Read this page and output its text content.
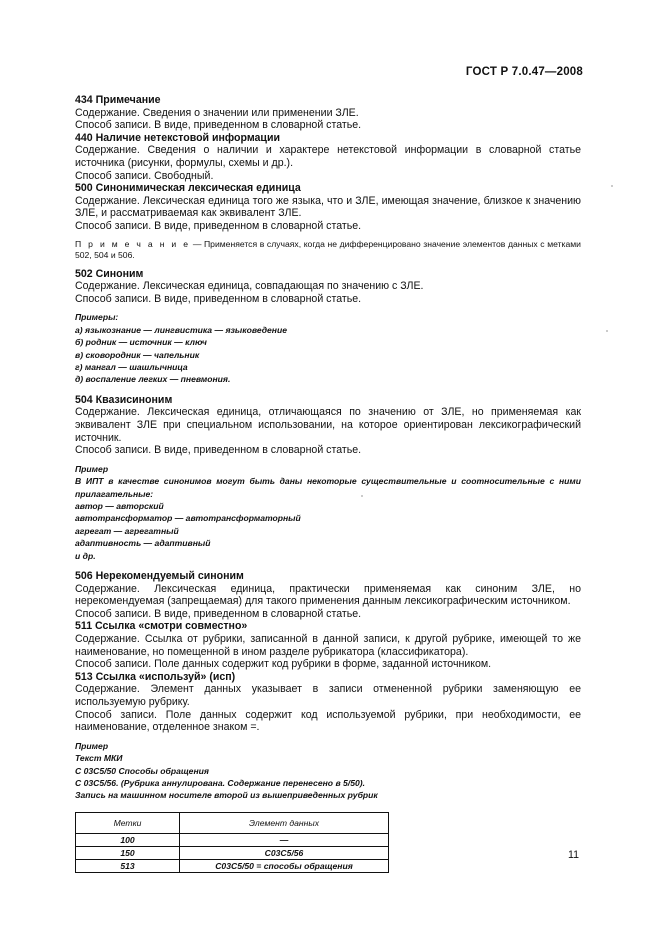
ГОСТ Р 7.0.47—2008
434 Примечание
Содержание. Сведения о значении или применении ЗЛЕ.
Способ записи. В виде, приведенном в словарной статье.
440 Наличие нетекстовой информации
Содержание. Сведения о наличии и характере нетекстовой информации в словарной статье источника (рисунки, формулы, схемы и др.).
Способ записи. Свободный.
500 Синонимическая лексическая единица
Содержание. Лексическая единица того же языка, что и ЗЛЕ, имеющая значение, близкое к значению ЗЛЕ, и рассматриваемая как эквивалент ЗЛЕ.
Способ записи. В виде, приведенном в словарной статье.
П р и м е ч а н и е — Применяется в случаях, когда не дифференцировано значение элементов данных с метками 502, 504 и 506.
502 Синоним
Содержание. Лексическая единица, совпадающая по значению с ЗЛЕ.
Способ записи. В виде, приведенном в словарной статье.
Примеры:
а) языкознание — лингвистика — языковедение
б) родник — источник — ключ
в) сковородник — чапельник
г) мангал — шашлычница
д) воспаление легких — пневмония.
504 Квазисиноним
Содержание. Лексическая единица, отличающаяся по значению от ЗЛЕ, но применяемая как эквивалент ЗЛЕ при специальном использовании, на которое ориентирован лексикографический источник.
Способ записи. В виде, приведенном в словарной статье.
Пример
В ИПТ в качестве синонимов могут быть даны некоторые существительные и соотносительные с ними прилагательные:
автор — авторский
автотрансформатор — автотрансформаторный
агрегат — агрегатный
адаптивность — адаптивный
и др.
506 Нерекомендуемый синоним
Содержание. Лексическая единица, практически применяемая как синоним ЗЛЕ, но нерекомендуемая (запрещаемая) для такого применения данным лексикографическим источником.
Способ записи. В виде, приведенном в словарной статье.
511 Ссылка «смотри совместно»
Содержание. Ссылка от рубрики, записанной в данной записи, к другой рубрике, имеющей то же наименование, но помещенной в ином разделе рубрикатора (классификатора).
Способ записи. Поле данных содержит код рубрики в форме, заданной источником.
513 Ссылка «используй» (исп)
Содержание. Элемент данных указывает в записи отмененной рубрики заменяющую ее используемую рубрику.
Способ записи. Поле данных содержит код используемой рубрики, при необходимости, ее наименование, отделенное знаком =.
Пример
Текст МКИ
С 03С5/50 Способы обращения
С 03С5/56. (Рубрика аннулирована. Содержание перенесено в 5/50).
Запись на машинном носителе второй из вышеприведенных рубрик
Метки	Элемент данных
100	—
150	С03С5/56
513	С03С5/50 = способы обращения
11
